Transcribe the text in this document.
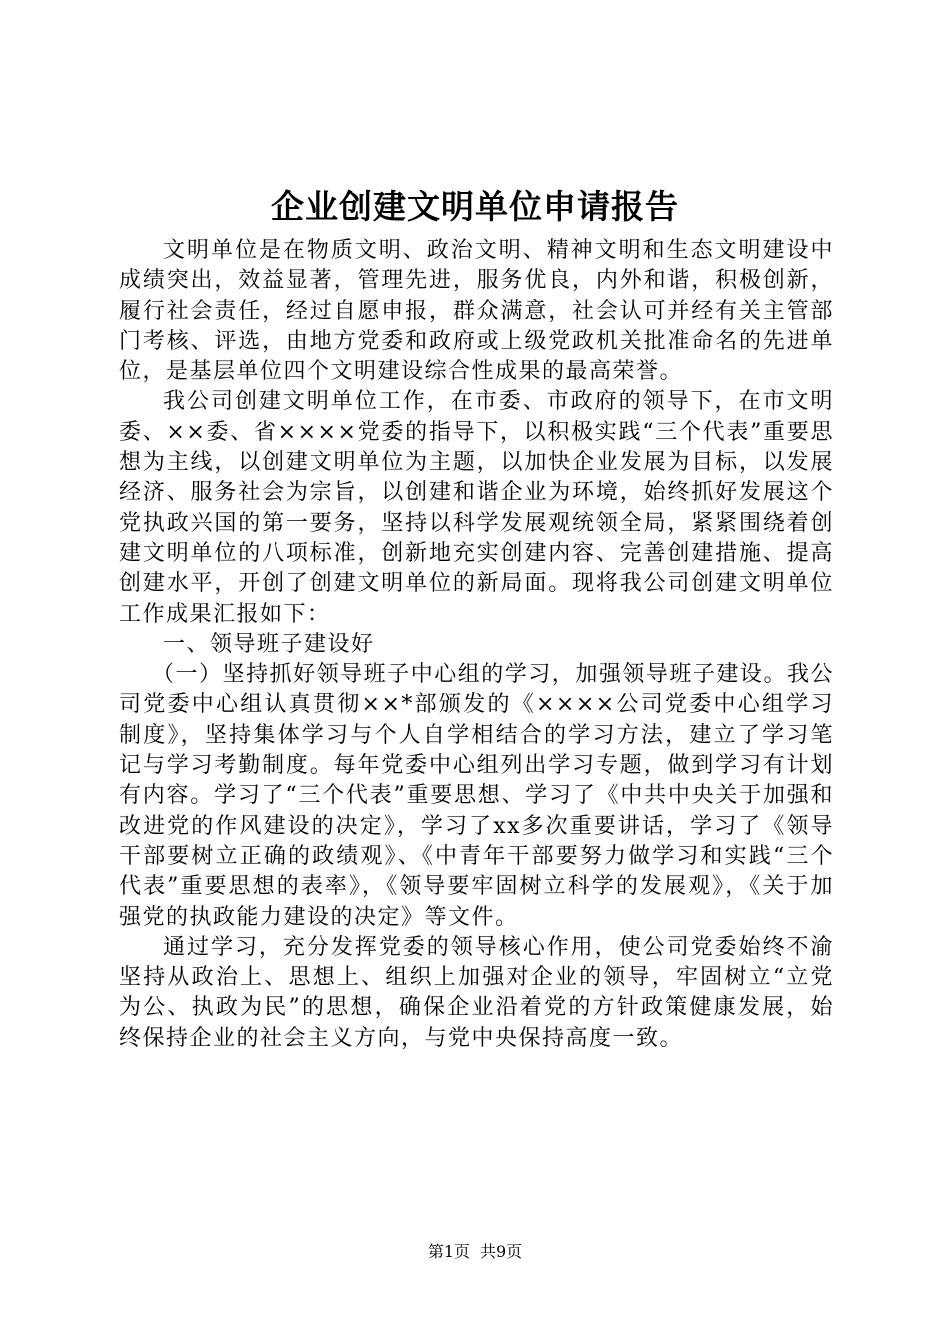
企业创建文明单位申请报告

文明单位是在物质文明、政治文明、精神文明和生态文明建设中成绩突出，效益显著，管理先进，服务优良，内外和谐，积极创新，履行社会责任，经过自愿申报，群众满意，社会认可并经有关主管部门考核、评选，由地方党委和政府或上级党政机关批准命名的先进单位，是基层单位四个文明建设综合性成果的最高荣誉。

我公司创建文明单位工作，在市委、市政府的领导下，在市文明委、××委、省××××党委的指导下，以积极实践“三个代表”重要思想为主线，以创建文明单位为主题，以加快企业发展为目标，以发展经济、服务社会为宗旨，以创建和谐企业为环境，始终抓好发展这个党执政兴国的第一要务，坚持以科学发展观统领全局，紧紧围绕着创建文明单位的八项标准，创新地充实创建内容、完善创建措施、提高创建水平，开创了创建文明单位的新局面。现将我公司创建文明单位工作成果汇报如下：

一、领导班子建设好

（一）坚持抓好领导班子中心组的学习，加强领导班子建设。我公司党委中心组认真贯彻××*部颁发的《××××公司党委中心组学习制度》，坚持集体学习与个人自学相结合的学习方法，建立了学习笔记与学习考勤制度。每年党委中心组列出学习专题，做到学习有计划有内容。学习了“三个代表”重要思想、学习了《中共中央关于加强和改进党的作风建设的决定》，学习了xx多次重要讲话，学习了《领导干部要树立正确的政绩观》、《中青年干部要努力做学习和实践“三个代表”重要思想的表率》，《领导要牢固树立科学的发展观》，《关于加强党的执政能力建设的决定》等文件。

通过学习，充分发挥党委的领导核心作用，使公司党委始终不渝坚持从政治上、思想上、组织上加强对企业的领导，牢固树立“立党为公、执政为民”的思想，确保企业沿着党的方针政策健康发展，始终保持企业的社会主义方向，与党中央保持高度一致。

第1页 共9页
